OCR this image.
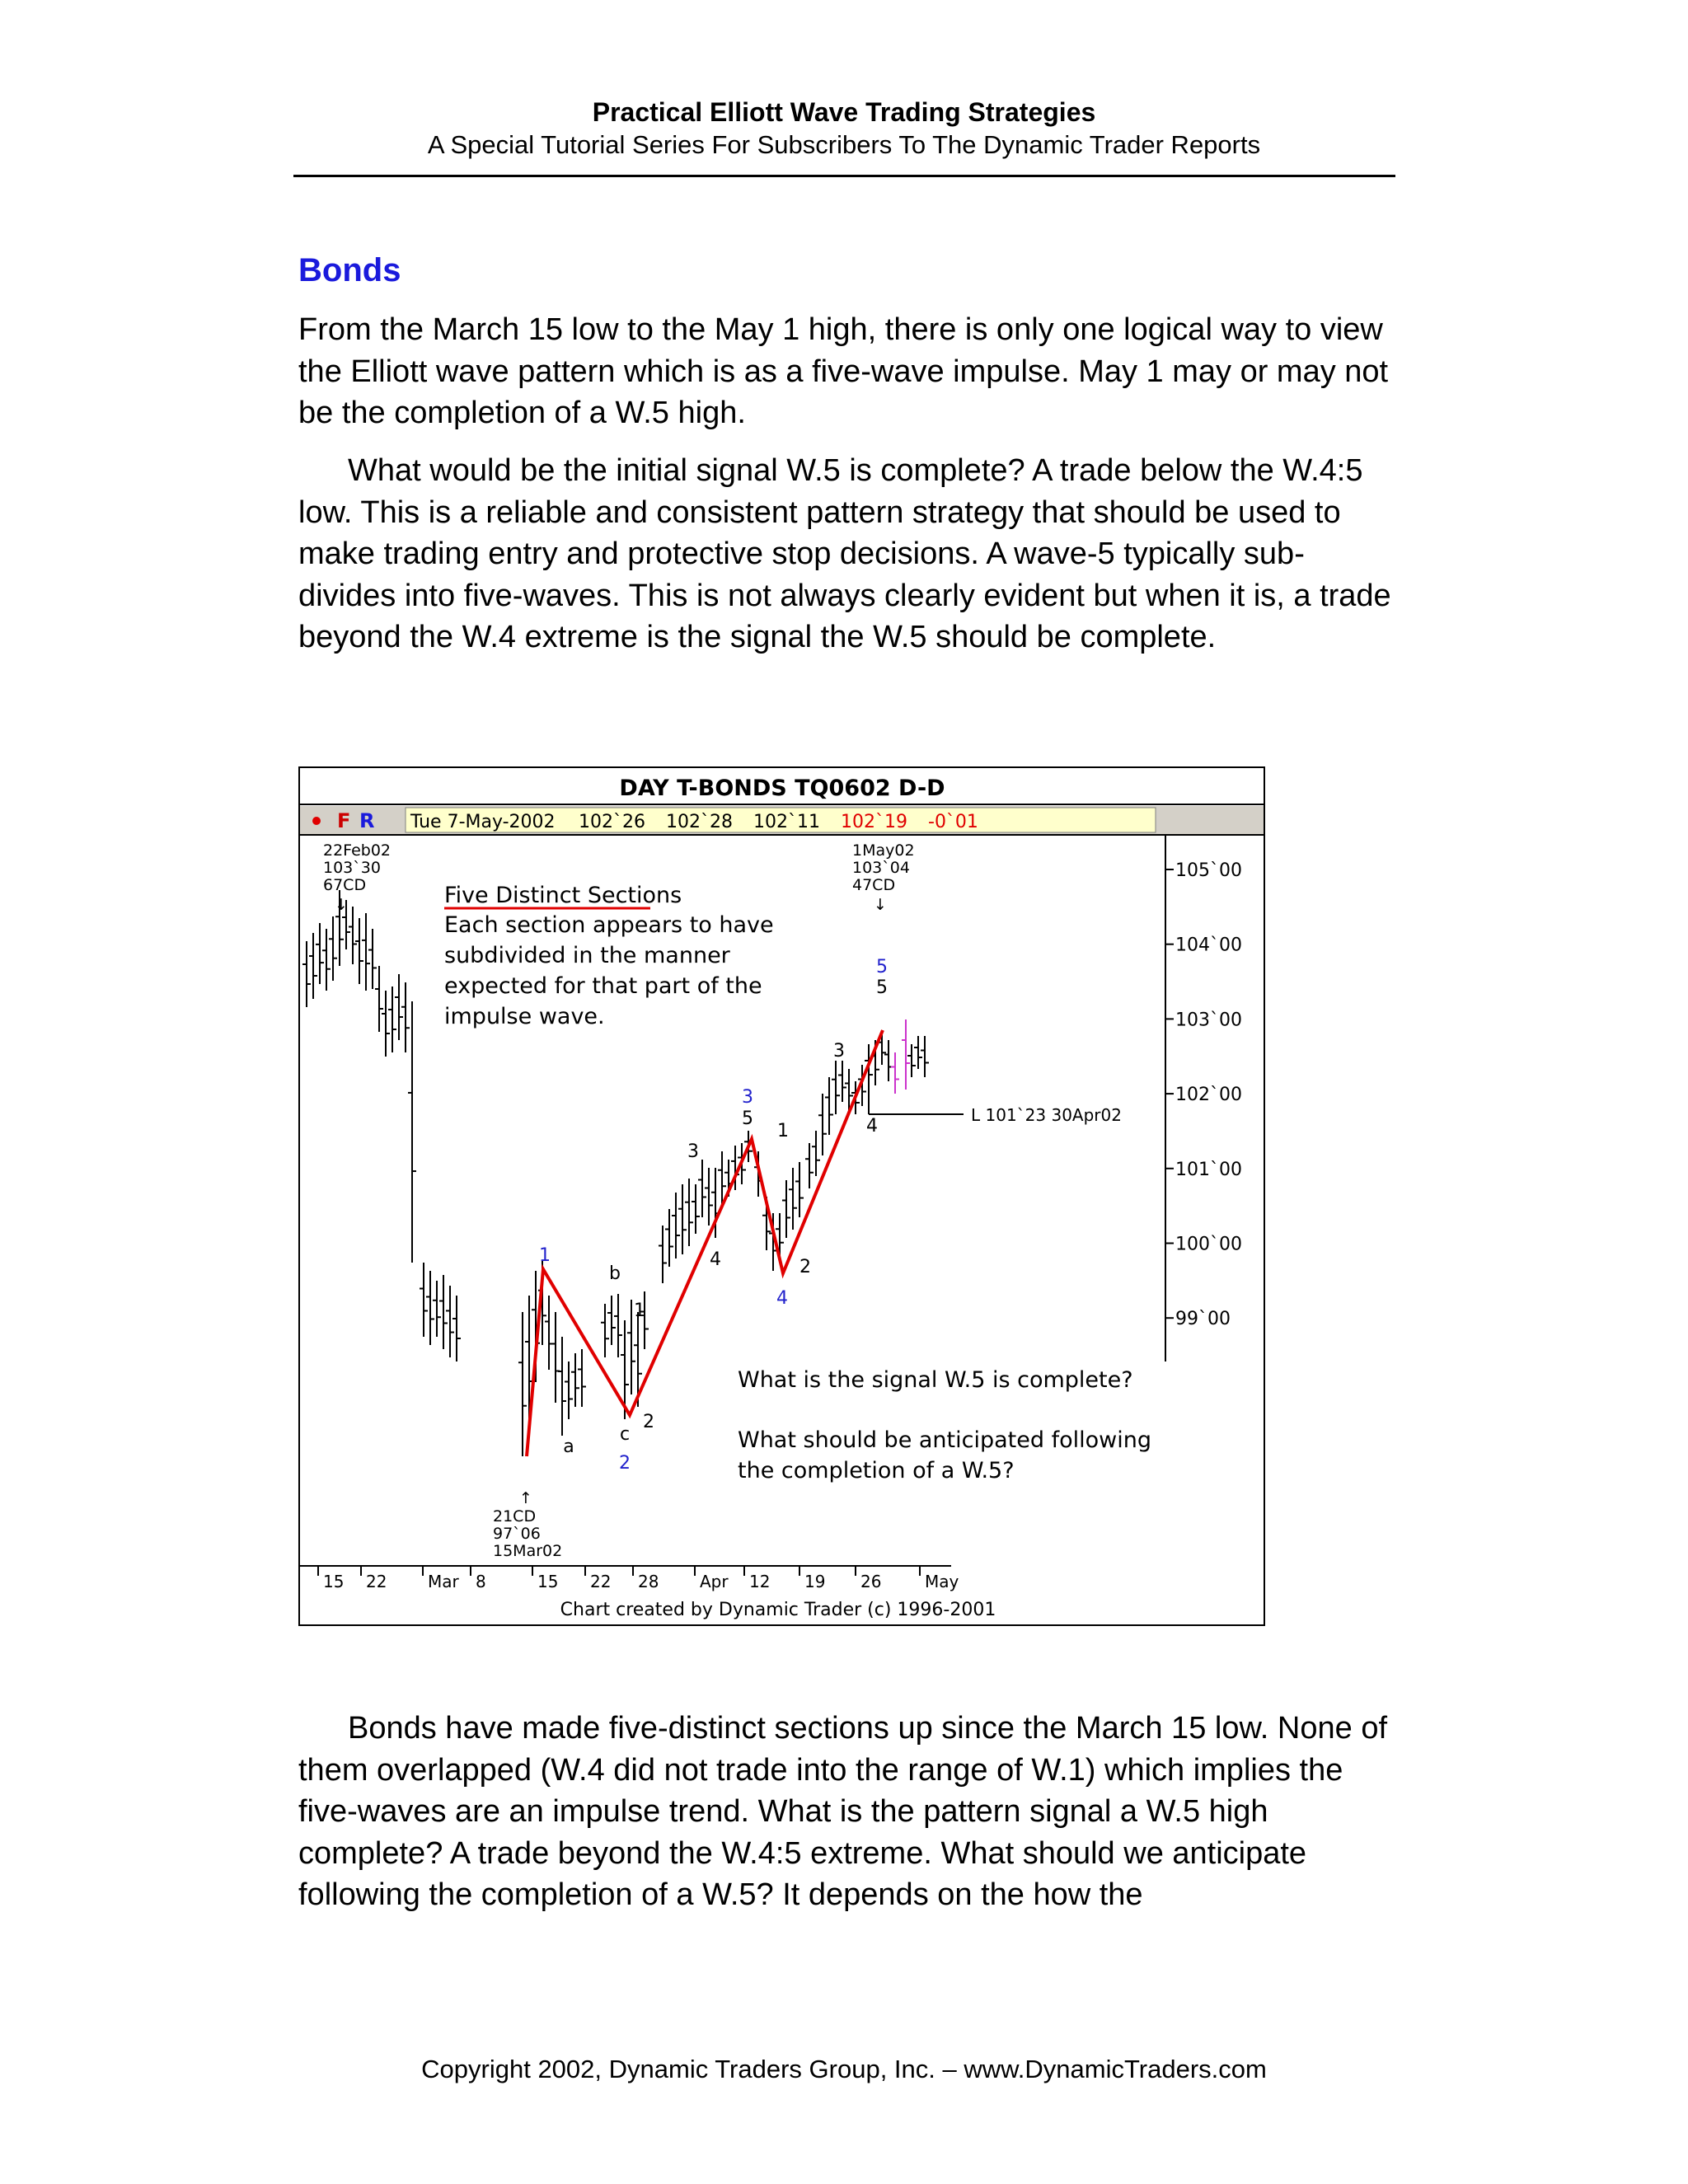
Practical Elliott Wave Trading Strategies
A Special Tutorial Series For Subscribers To The Dynamic Trader Reports
Bonds
From the March 15 low to the May 1 high, there is only one logical way to view the Elliott wave pattern which is as a five-wave impulse. May 1 may or may not be the completion of a W.5 high.
What would be the initial signal W.5 is complete? A trade below the W.4:5 low. This is a reliable and consistent pattern strategy that should be used to make trading entry and protective stop decisions. A wave-5 typically sub-divides into five-waves. This is not always clearly evident but when it is, a trade beyond the W.4 extreme is the signal the W.5 should be complete.
DAY T-BONDS TQ0602 D-D
F R Tue 7-May-2002 102`26 102`28 102`11 102`19 -0`01
105`00
104`00
103`00
102`00
101`00
100`00
99`00
15 22 Mar 8	15 22 28 Apr 12 19 26	May
L 101`23 30Apr02
1
2
3
4
5
a
b
c
1
2
3
4
5
1
2
3
4
5
22Feb02
103`30
67CD
↓
1May02
103`04
47CD
↓
↑
21CD
97`06
15Mar02
Five Distinct Sections
Each section appears to have
subdivided in the manner
expected for that part of the
impulse wave.
What is the signal W.5 is complete?
What should be anticipated following
the completion of a W.5?
Chart created by Dynamic Trader (c) 1996-2001
Bonds have made five-distinct sections up since the March 15 low. None of them overlapped (W.4 did not trade into the range of W.1) which implies the five-waves are an impulse trend. What is the pattern signal a W.5 high complete? A trade beyond the W.4:5 extreme. What should we anticipate following the completion of a W.5? It depends on the how the
Copyright 2002, Dynamic Traders Group, Inc. – www.DynamicTraders.com
